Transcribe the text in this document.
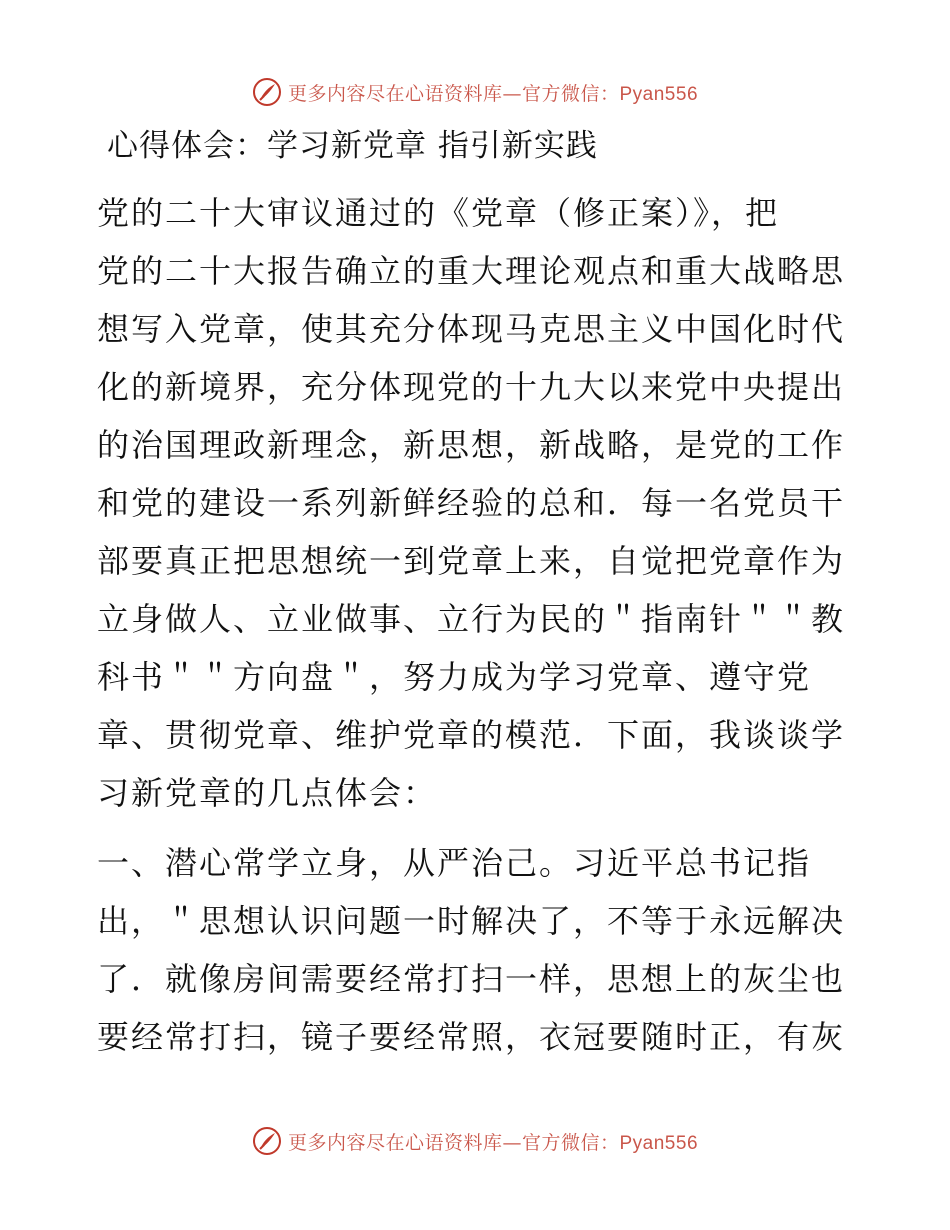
更多内容尽在心语资料库—官方微信：Pyan556
心得体会：学习新党章 指引新实践
党的二十大审议通过的《党章（修正案）》，把
党的二十大报告确立的重大理论观点和重大战略思
想写入党章，使其充分体现马克思主义中国化时代
化的新境界，充分体现党的十九大以来党中央提出
的治国理政新理念，新思想，新战略，是党的工作
和党的建设一系列新鲜经验的总和．每一名党员干
部要真正把思想统一到党章上来，自觉把党章作为
立身做人、立业做事、立行为民的＂指南针＂＂教
科书＂＂方向盘＂，努力成为学习党章、遵守党
章、贯彻党章、维护党章的模范．下面，我谈谈学
习新党章的几点体会：
一、潜心常学立身，从严治己。习近平总书记指
出，＂思想认识问题一时解决了，不等于永远解决
了．就像房间需要经常打扫一样，思想上的灰尘也
要经常打扫，镜子要经常照，衣冠要随时正，有灰
更多内容尽在心语资料库—官方微信：Pyan556
